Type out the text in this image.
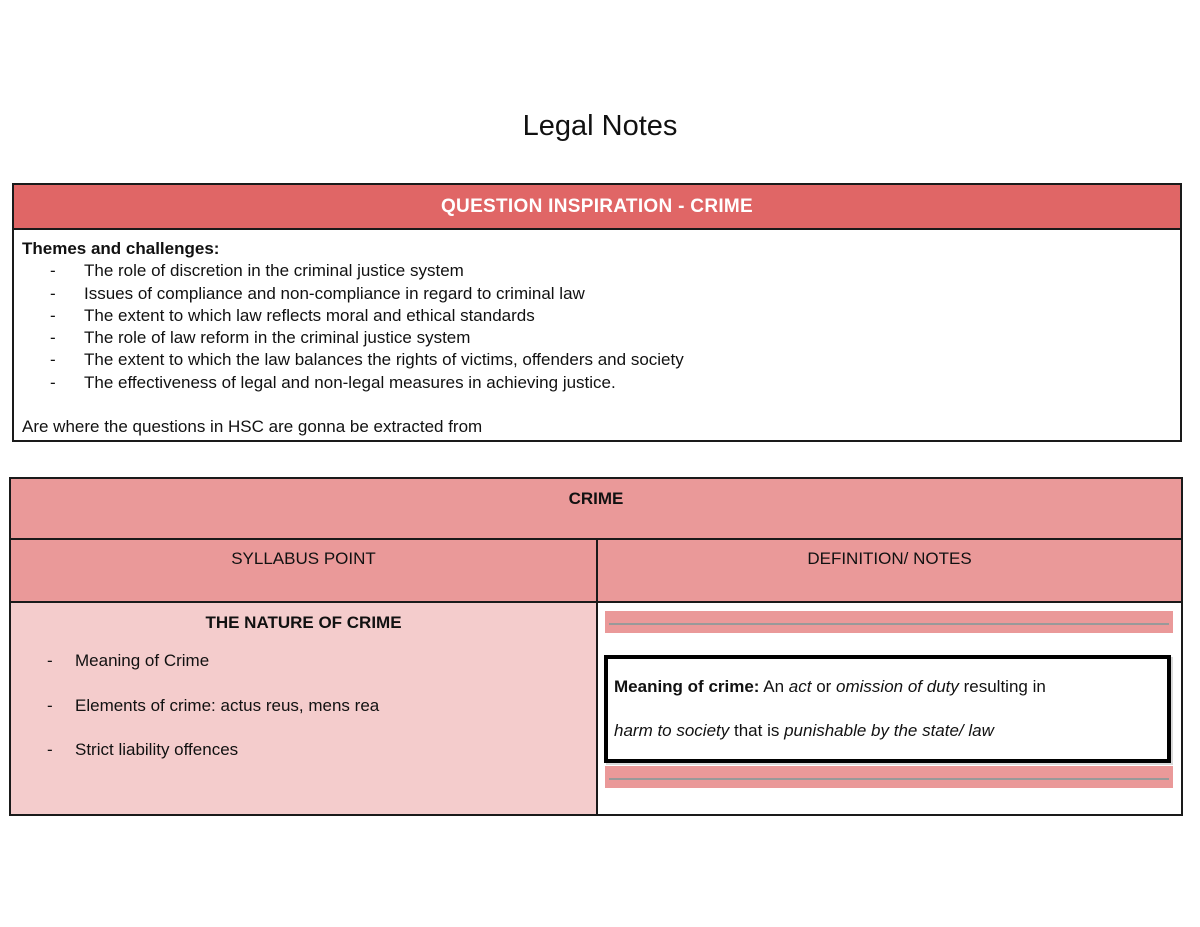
Legal Notes
QUESTION INSPIRATION - CRIME
Themes and challenges:
- The role of discretion in the criminal justice system
- Issues of compliance and non-compliance in regard to criminal law
- The extent to which law reflects moral and ethical standards
- The role of law reform in the criminal justice system
- The extent to which the law balances the rights of victims, offenders and society
- The effectiveness of legal and non-legal measures in achieving justice.
Are where the questions in HSC are gonna be extracted from
CRIME
SYLLABUS POINT	DEFINITION/ NOTES
THE NATURE OF CRIME
- Meaning of Crime
- Elements of crime: actus reus, mens rea
- Strict liability offences
Meaning of crime: An act or omission of duty resulting in
harm to society that is punishable by the state/ law
